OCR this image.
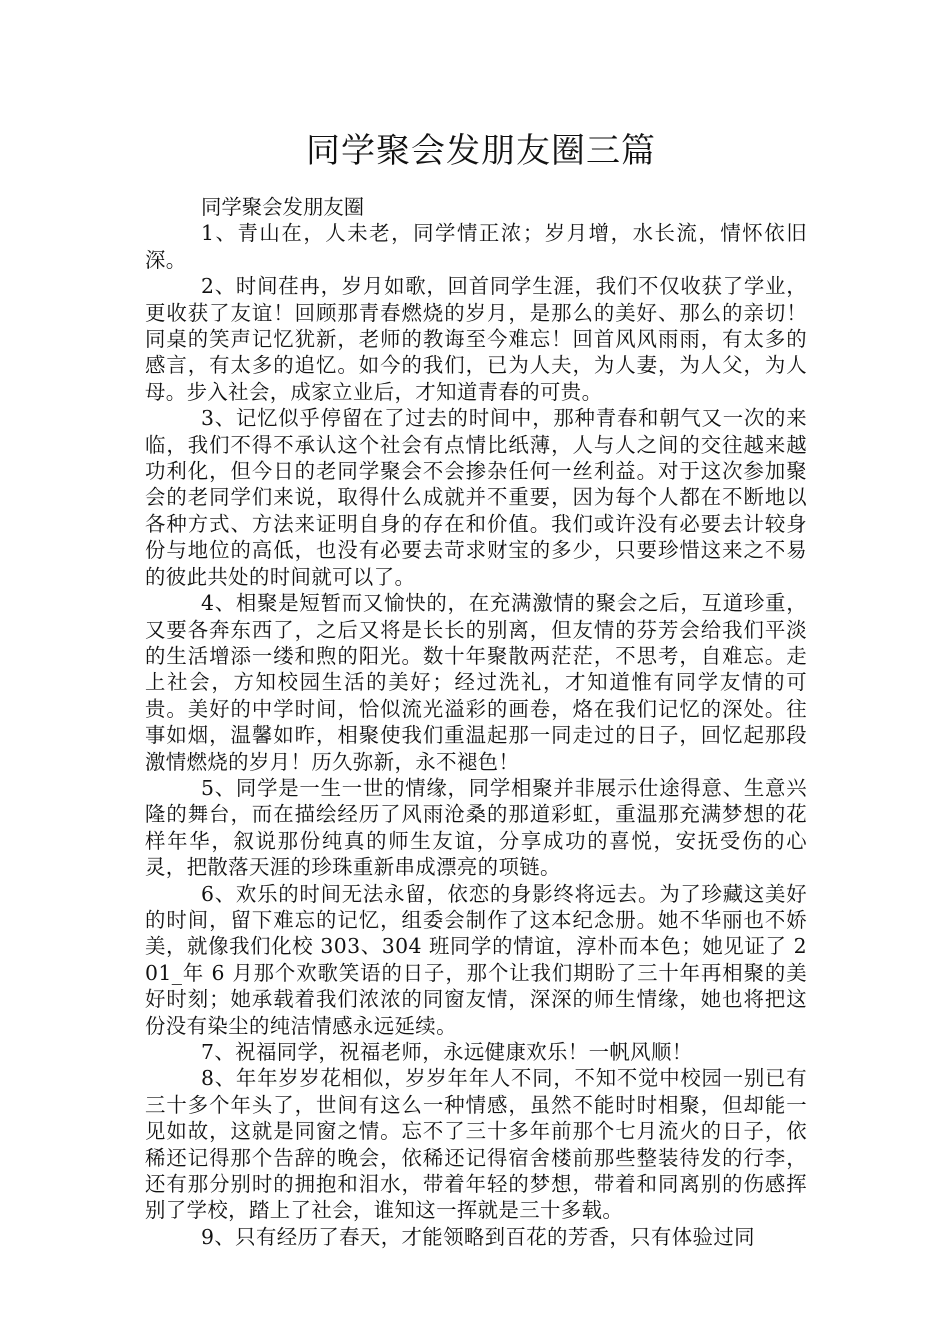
同学聚会发朋友圈三篇

同学聚会发朋友圈

1、青山在，人未老，同学情正浓；岁月增，水长流，情怀依旧深。

2、时间荏冉，岁月如歌，回首同学生涯，我们不仅收获了学业，更收获了友谊！回顾那青春燃烧的岁月，是那么的美好、那么的亲切！同桌的笑声记忆犹新，老师的教诲至今难忘！回首风风雨雨，有太多的感言，有太多的追忆。如今的我们，已为人夫，为人妻，为人父，为人母。步入社会，成家立业后，才知道青春的可贵。

3、记忆似乎停留在了过去的时间中，那种青春和朝气又一次的来临，我们不得不承认这个社会有点情比纸薄，人与人之间的交往越来越功利化，但今日的老同学聚会不会掺杂任何一丝利益。对于这次参加聚会的老同学们来说，取得什么成就并不重要，因为每个人都在不断地以各种方式、方法来证明自身的存在和价值。我们或许没有必要去计较身份与地位的高低，也没有必要去苛求财宝的多少，只要珍惜这来之不易的彼此共处的时间就可以了。

4、相聚是短暂而又愉快的，在充满激情的聚会之后，互道珍重，又要各奔东西了，之后又将是长长的别离，但友情的芬芳会给我们平淡的生活增添一缕和煦的阳光。数十年聚散两茫茫，不思考，自难忘。走上社会，方知校园生活的美好；经过洗礼，才知道惟有同学友情的可贵。美好的中学时间，恰似流光溢彩的画卷，烙在我们记忆的深处。往事如烟，温馨如昨，相聚使我们重温起那一同走过的日子，回忆起那段激情燃烧的岁月！历久弥新，永不褪色！

5、同学是一生一世的情缘，同学相聚并非展示仕途得意、生意兴隆的舞台，而在描绘经历了风雨沧桑的那道彩虹，重温那充满梦想的花样年华，叙说那份纯真的师生友谊，分享成功的喜悦，安抚受伤的心灵，把散落天涯的珍珠重新串成漂亮的项链。

6、欢乐的时间无法永留，依恋的身影终将远去。为了珍藏这美好的时间，留下难忘的记忆，组委会制作了这本纪念册。她不华丽也不娇美，就像我们化校 303、304 班同学的情谊，淳朴而本色；她见证了 201_年 6 月那个欢歌笑语的日子，那个让我们期盼了三十年再相聚的美好时刻；她承载着我们浓浓的同窗友情，深深的师生情缘，她也将把这份没有染尘的纯洁情感永远延续。

7、祝福同学，祝福老师，永远健康欢乐！一帆风顺！

8、年年岁岁花相似，岁岁年年人不同，不知不觉中校园一别已有三十多个年头了，世间有这么一种情感，虽然不能时时相聚，但却能一见如故，这就是同窗之情。忘不了三十多年前那个七月流火的日子，依稀还记得那个告辞的晚会，依稀还记得宿舍楼前那些整装待发的行李，还有那分别时的拥抱和泪水，带着年轻的梦想，带着和同离别的伤感挥别了学校，踏上了社会，谁知这一挥就是三十多载。

9、只有经历了春天，才能领略到百花的芳香，只有体验过同
